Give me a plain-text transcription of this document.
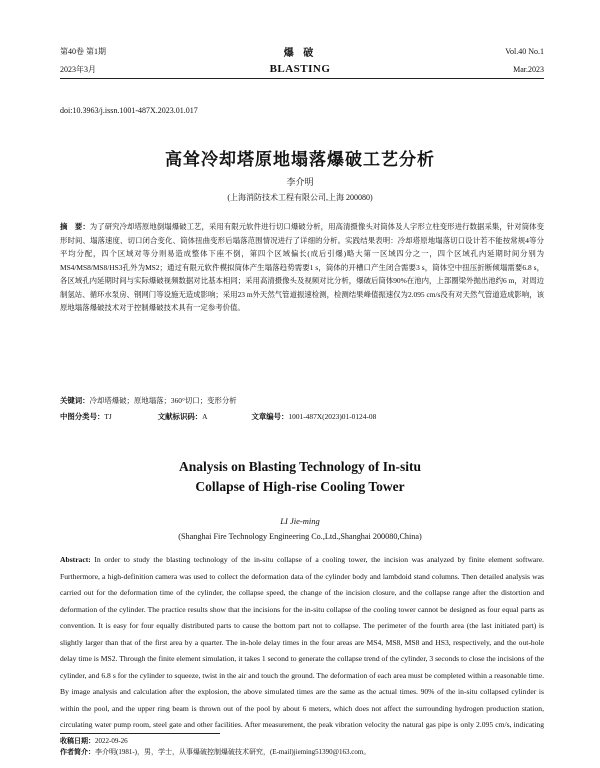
第40卷 第1期
2023年3月
爆 破
BLASTING
Vol.40 No.1
Mar.2023
doi:10.3963/j.issn.1001-487X.2023.01.017
高耸冷却塔原地塌落爆破工艺分析
李介明
(上海消防技术工程有限公司,上海 200080)
摘　要：为了研究冷却塔原地倒塌爆破工艺，采用有限元软件进行切口爆破分析，用高清摄像头对筒体及人字形立柱变形进行数据采集，针对筒体变形时间、塌落速度、切口闭合变化、筒体扭曲变形后塌落范围情况进行了详细的分析。实践结果表明：冷却塔原地塌落切口设计若不能按常规4等分平均分配，四个区域对等分则易造成整体下座不倒，第四个区域偏长(成后引爆)略大第一区域四分之一，四个区域孔内延期时间分别为MS4/MS8/MS8/HS3孔外为MS2；通过有限元软件模拟筒体产生塌落趋势需要1 s，筒体的开槽口产生闭合需要3 s，筒体空中扭压折断倾塌需要6.8 s，各区域孔内延期时间与实际爆破视频数据对比基本相同；采用高清摄像头及视频对比分析，爆破后筒体90%在池内，上部圈梁外抛出池约6 m，对周边制氢站、循环水泵房、钢网门等设施无造成影响；采用23 m外天然气管道振速检测，检测结果峰值振速仅为2.095 cm/s没有对天然气管道造成影响，该原地塌落爆破技术对于控制爆破技术具有一定参考价值。
关键词：冷却塔爆破；原地塌落；360°切口；变形分析
中图分类号：TJ	文献标识码：A	文章编号：1001-487X(2023)01-0124-08
Analysis on Blasting Technology of In-situ
Collapse of High-rise Cooling Tower
LI Jie-ming
(Shanghai Fire Technology Engineering Co.,Ltd.,Shanghai 200080,China)
Abstract: In order to study the blasting technology of the in-situ collapse of a cooling tower, the incision was analyzed by finite element software. Furthermore, a high-definition camera was used to collect the deformation data of the cylinder body and lambdoid stand columns. Then detailed analysis was carried out for the deformation time of the cylinder, the collapse speed, the change of the incision closure, and the collapse range after the distortion and deformation of the cylinder. The practice results show that the incisions for the in-situ collapse of the cooling tower cannot be designed as four equal parts as convention. It is easy for four equally distributed parts to cause the bottom part not to collapse. The perimeter of the fourth area (the last initiated part) is slightly larger than that of the first area by a quarter. The in-hole delay times in the four areas are MS4, MS8, MS8 and HS3, respectively, and the out-hole delay time is MS2. Through the finite element simulation, it takes 1 second to generate the collapse trend of the cylinder, 3 seconds to close the incisions of the cylinder, and 6.8 s for the cylinder to squeeze, twist in the air and touch the ground. The deformation of each area must be completed within a reasonable time. By image analysis and calculation after the explosion, the above simulated times are the same as the actual times. 90% of the in-situ collapsed cylinder is within the pool, and the upper ring beam is thrown out of the pool by about 6 meters, which does not affect the surrounding hydrogen production station, circulating water pump room, steel gate and other facilities. After measurement, the peak vibration velocity the natural gas pipe is only 2.095 cm/s, indicating
收稿日期：2022-09-26
作者简介：李介明(1981-)，男，学士，从事爆破控制爆破技术研究，(E-mail)jieming51390@163.com。
